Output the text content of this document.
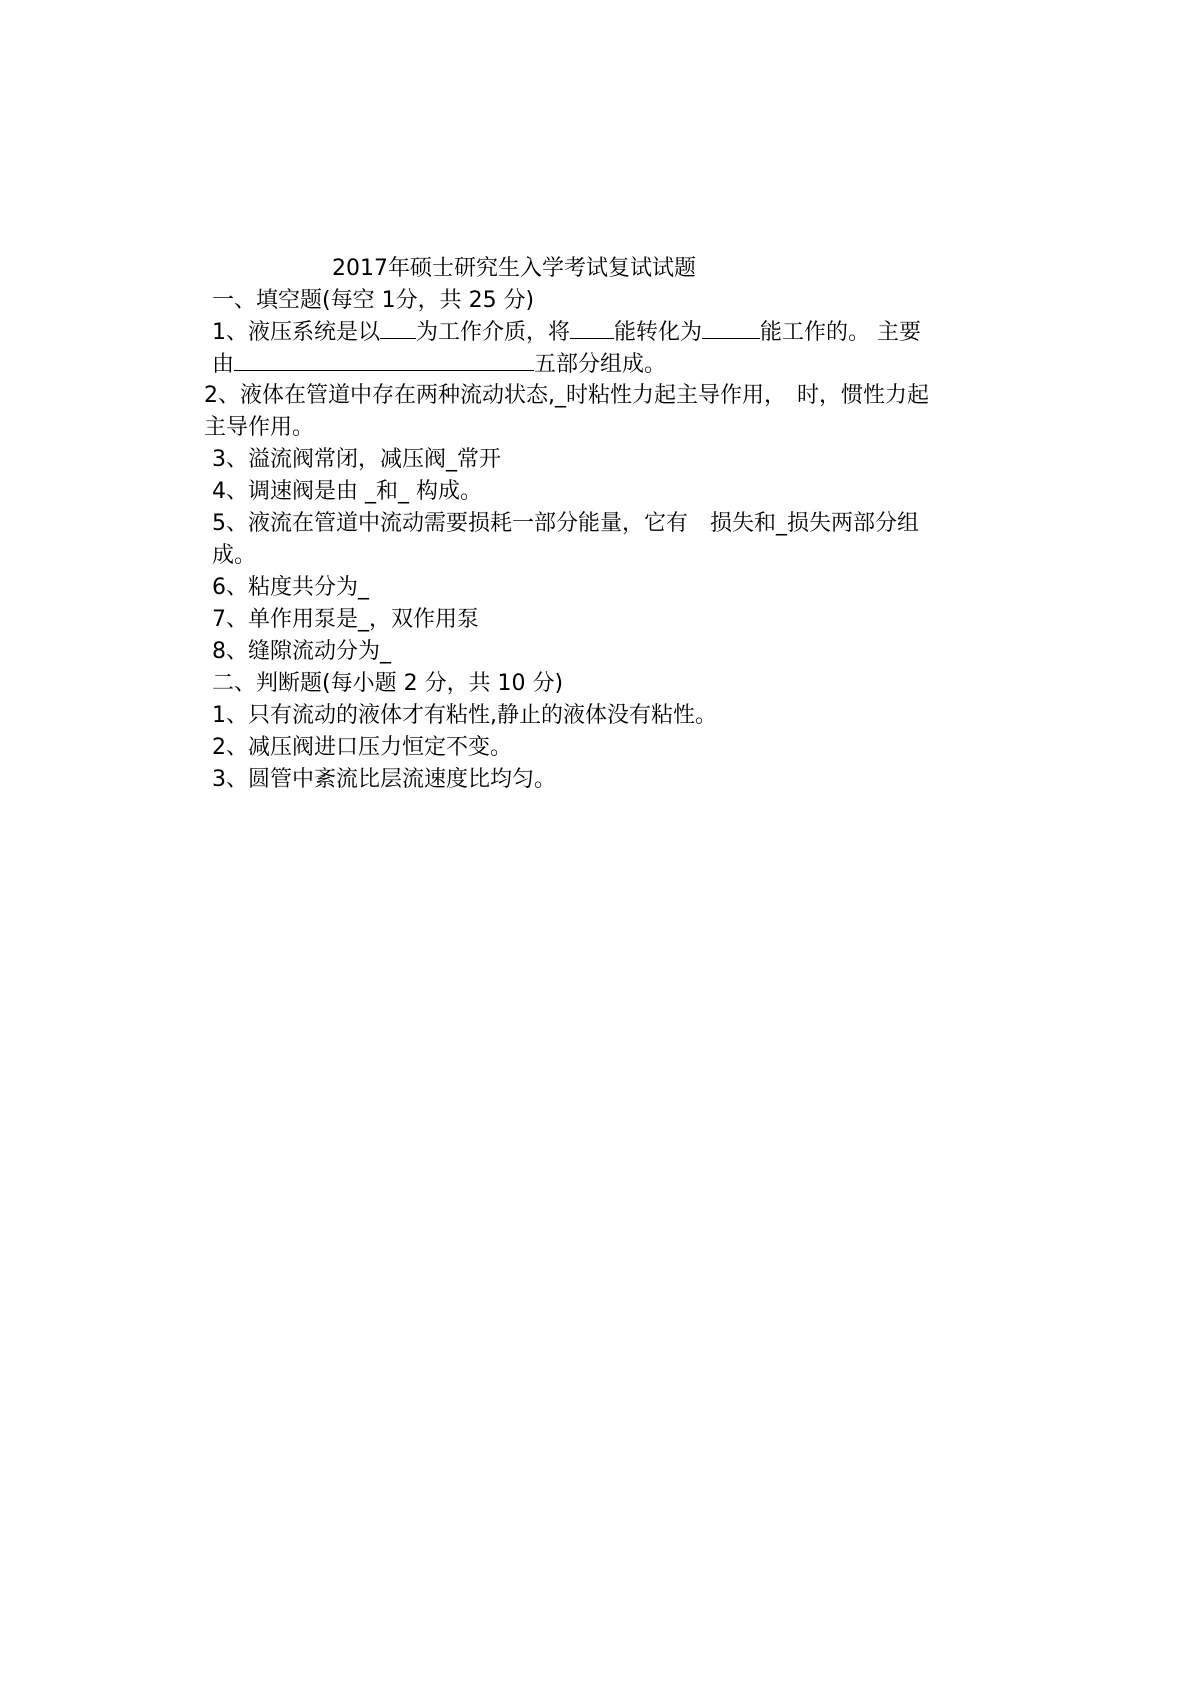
2017年硕士研究生入学考试复试试题
一、填空题(每空 1分，共 25 分)
1、液压系统是以 为工作介质，将 能转化为	能工作的。 主要
由	五部分组成。
2、液体在管道中存在两种流动状态,_时粘性力起主导作用，　时，惯性力起
主导作用。
3、溢流阀常闭，减压阀_常开
4、调速阀是由 _和_ 构成。
5、液流在管道中流动需要损耗一部分能量，它有　损失和_损失两部分组
成。
6、粘度共分为_
7、单作用泵是_，双作用泵
8、缝隙流动分为_
二、判断题(每小题 2 分，共 10 分)
1、只有流动的液体才有粘性,静止的液体没有粘性。
2、减压阀进口压力恒定不变。
3、圆管中紊流比层流速度比均匀。
